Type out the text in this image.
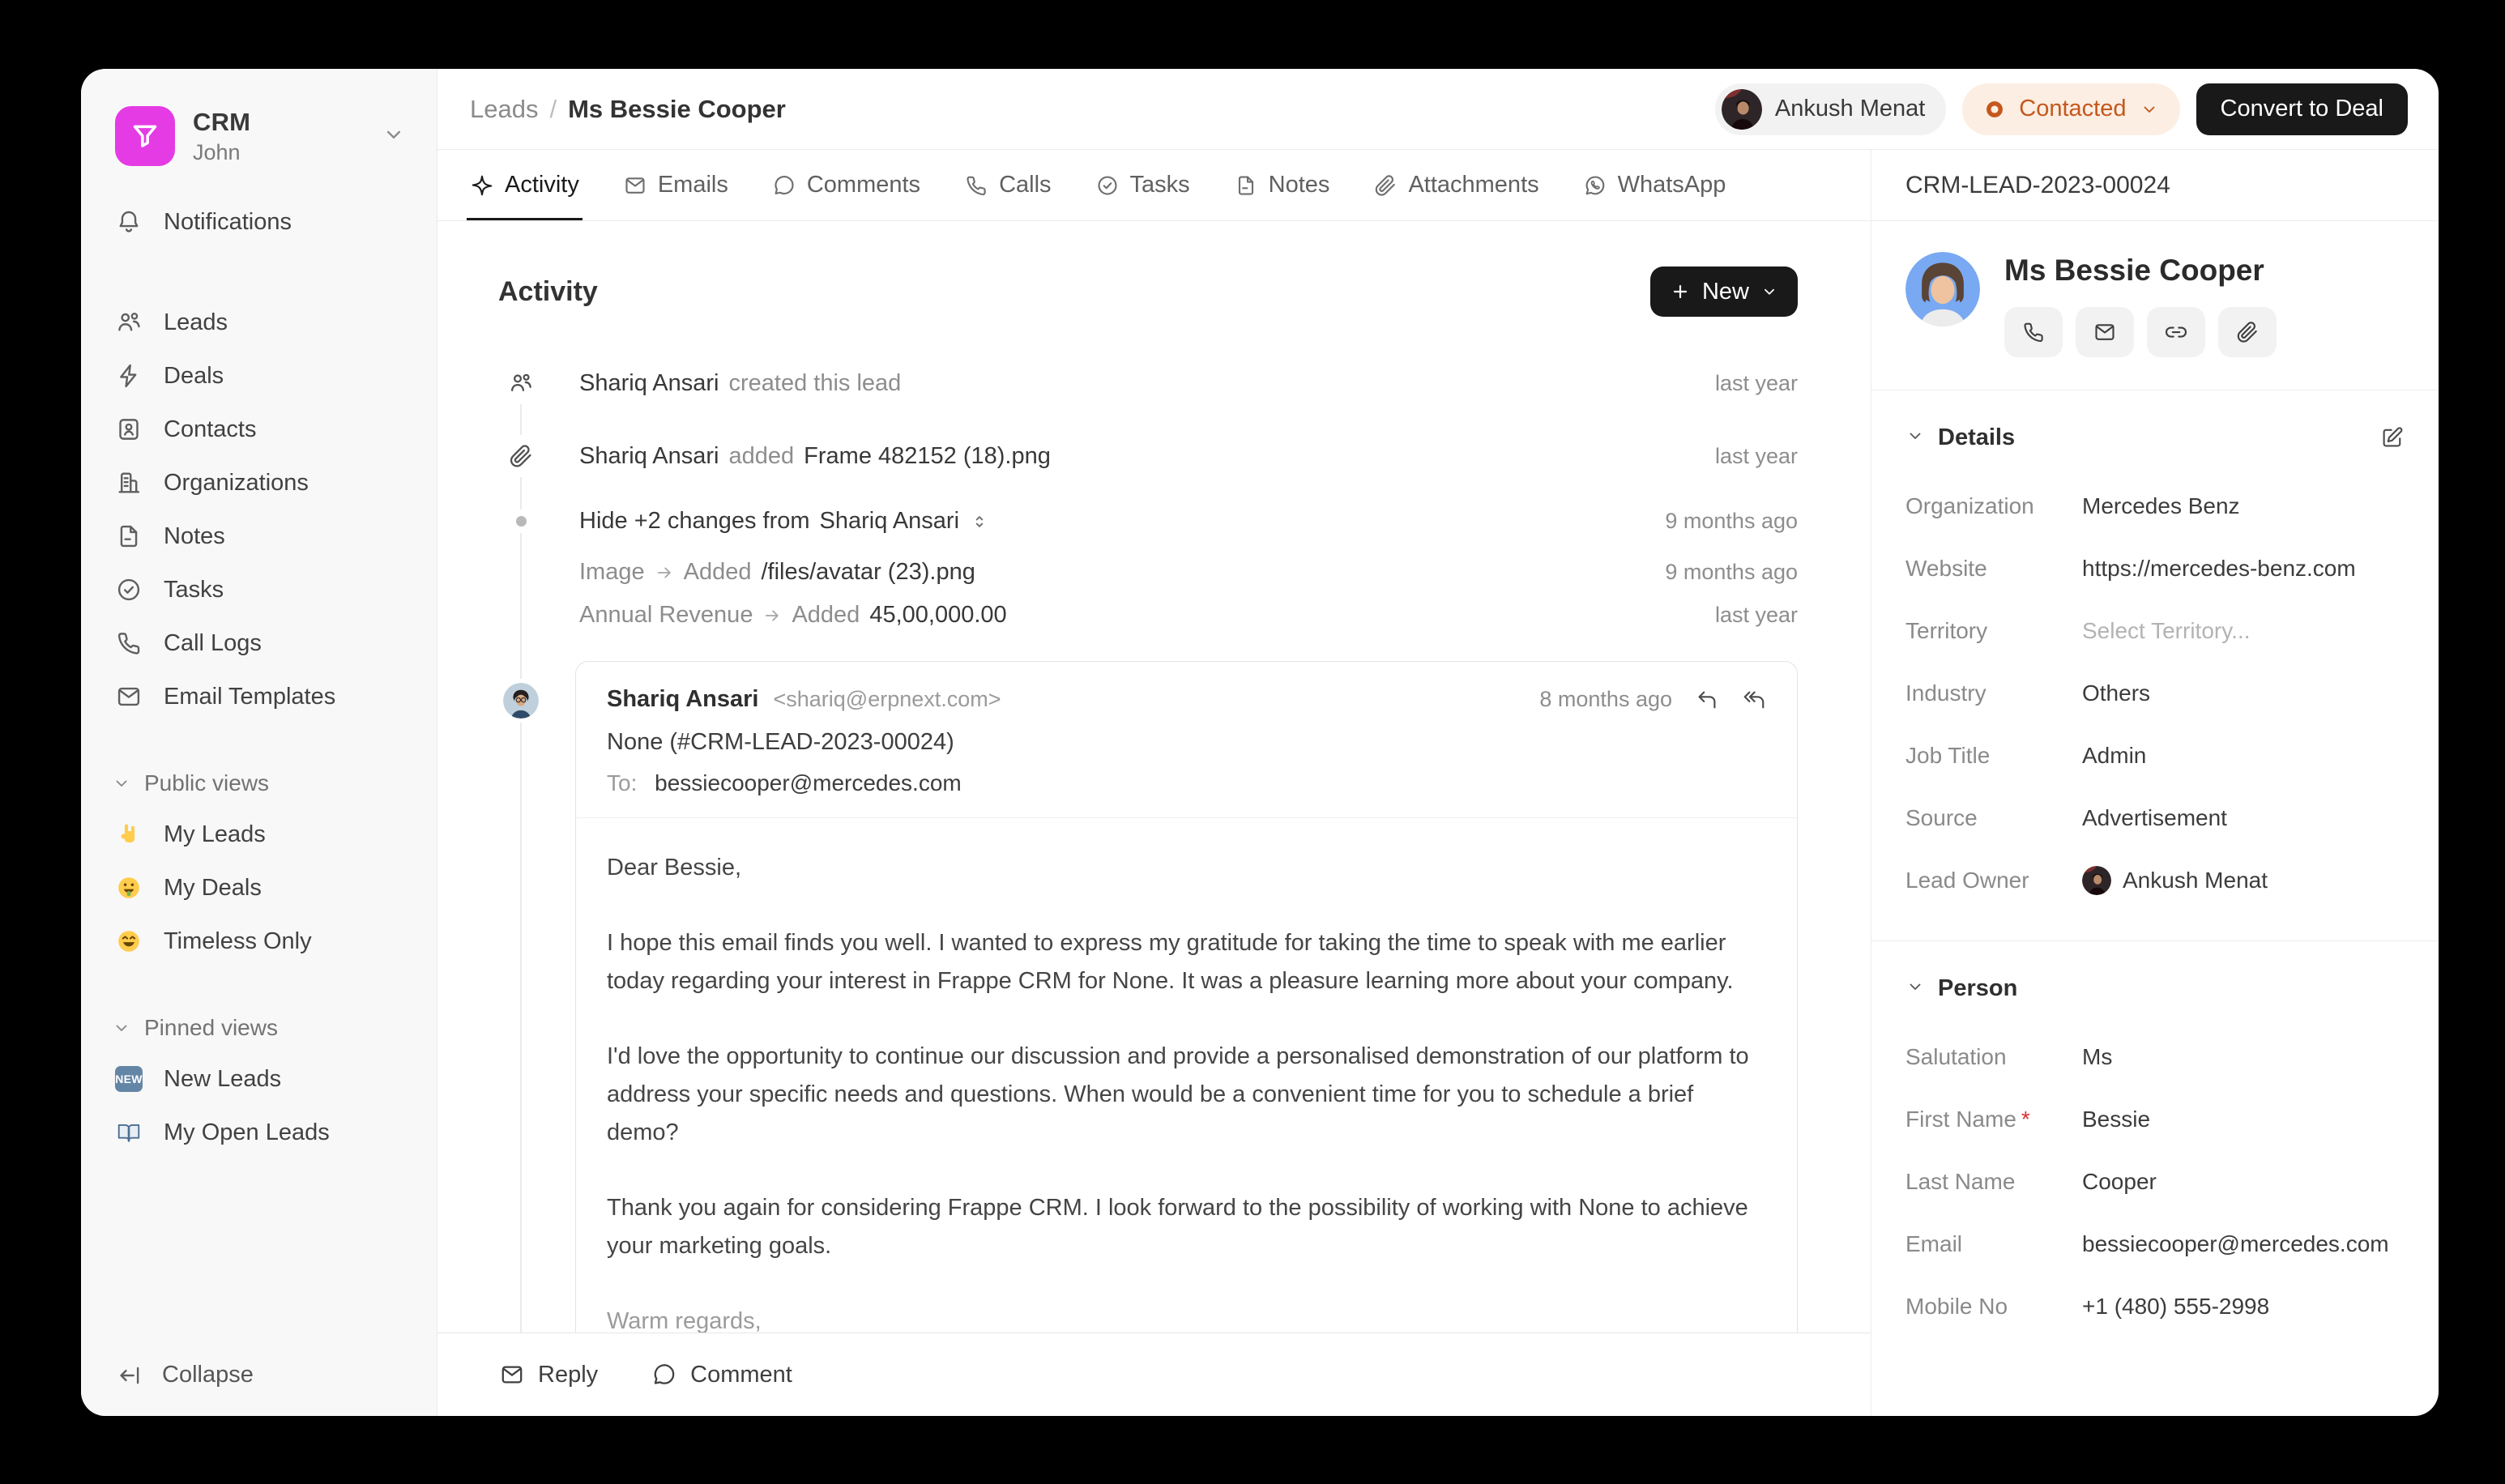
CRM
John
Notifications
Leads
Deals
Contacts
Organizations
Notes
Tasks
Call Logs
Email Templates
Public views
My Leads
My Deals
Timeless Only
Pinned views
NEW New Leads
My Open Leads
Collapse
Leads / Ms Bessie Cooper	Ankush Menat	Contacted	Convert to Deal
Activity	Emails	Comments	Calls	Tasks	Notes	Attachments	WhatsApp
Activity	New
Shariq Ansari created this lead	last year
Shariq Ansari added Frame 482152 (18).png	last year
Hide +2 changes from Shariq Ansari	9 months ago
Image Added /files/avatar (23).png	9 months ago
Annual Revenue Added 45,00,000.00	last year
Shariq Ansari <shariq@erpnext.com>	8 months ago
None (#CRM-LEAD-2023-00024)
To: bessiecooper@mercedes.com

Dear Bessie,

I hope this email finds you well. I wanted to express my gratitude for taking the time to speak with me earlier today regarding your interest in Frappe CRM for None. It was a pleasure learning more about your company.

I'd love the opportunity to continue our discussion and provide a personalised demonstration of our platform to address your specific needs and questions. When would be a convenient time for you to schedule a brief demo?

Thank you again for considering Frappe CRM. I look forward to the possibility of working with None to achieve your marketing goals.

Warm regards,

Reply	Comment
CRM-LEAD-2023-00024
Ms Bessie Cooper
Details
Organization	Mercedes Benz
Website	https://mercedes-benz.com
Territory	Select Territory...
Industry	Others
Job Title	Admin
Source	Advertisement
Lead Owner	Ankush Menat
Person
Salutation	Ms
First Name *	Bessie
Last Name	Cooper
Email	bessiecooper@mercedes.com
Mobile No	+1 (480) 555-2998
